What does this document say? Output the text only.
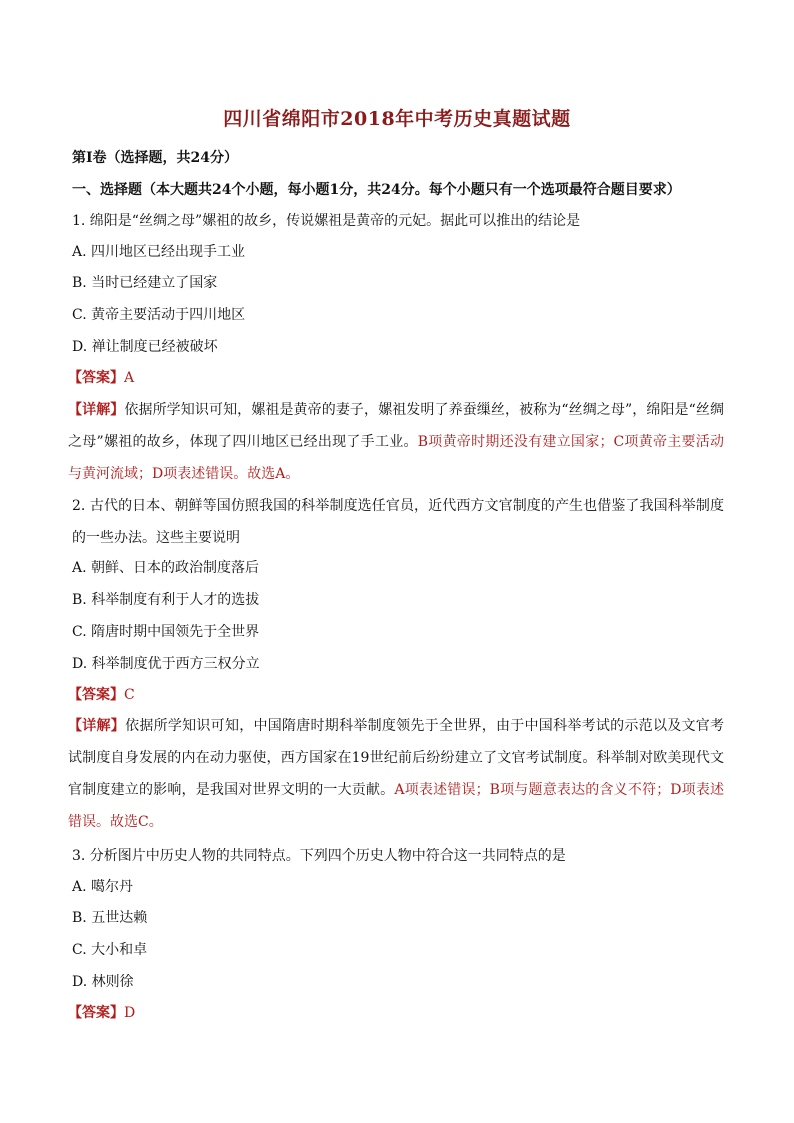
四川省绵阳市2018年中考历史真题试题
第Ⅰ卷（选择题，共24分）
一、选择题（本大题共24个小题，每小题1分，共24分。每个小题只有一个选项最符合题目要求）
1. 绵阳是“丝绸之母”嫘祖的故乡，传说嫘祖是黄帝的元妃。据此可以推出的结论是
A. 四川地区已经出现手工业
B. 当时已经建立了国家
C. 黄帝主要活动于四川地区
D. 禅让制度已经被破坏
【答案】A
【详解】依据所学知识可知，嫘祖是黄帝的妻子，嫘祖发明了养蚕缫丝，被称为“丝绸之母”，绵阳是“丝绸之母”嫘祖的故乡，体现了四川地区已经出现了手工业。B项黄帝时期还没有建立国家；C项黄帝主要活动与黄河流域；D项表述错误。故选A。
2. 古代的日本、朝鲜等国仿照我国的科举制度选任官员，近代西方文官制度的产生也借鉴了我国科举制度的一些办法。这些主要说明
A. 朝鲜、日本的政治制度落后
B. 科举制度有利于人才的选拔
C. 隋唐时期中国领先于全世界
D. 科举制度优于西方三权分立
【答案】C
【详解】依据所学知识可知，中国隋唐时期科举制度领先于全世界，由于中国科举考试的示范以及文官考试制度自身发展的内在动力驱使，西方国家在19世纪前后纷纷建立了文官考试制度。科举制对欧美现代文官制度建立的影响，是我国对世界文明的一大贡献。A项表述错误；B项与题意表达的含义不符；D项表述错误。故选C。
3. 分析图片中历史人物的共同特点。下列四个历史人物中符合这一共同特点的是
A. 噶尔丹
B. 五世达赖
C. 大小和卓
D. 林则徐
【答案】D
